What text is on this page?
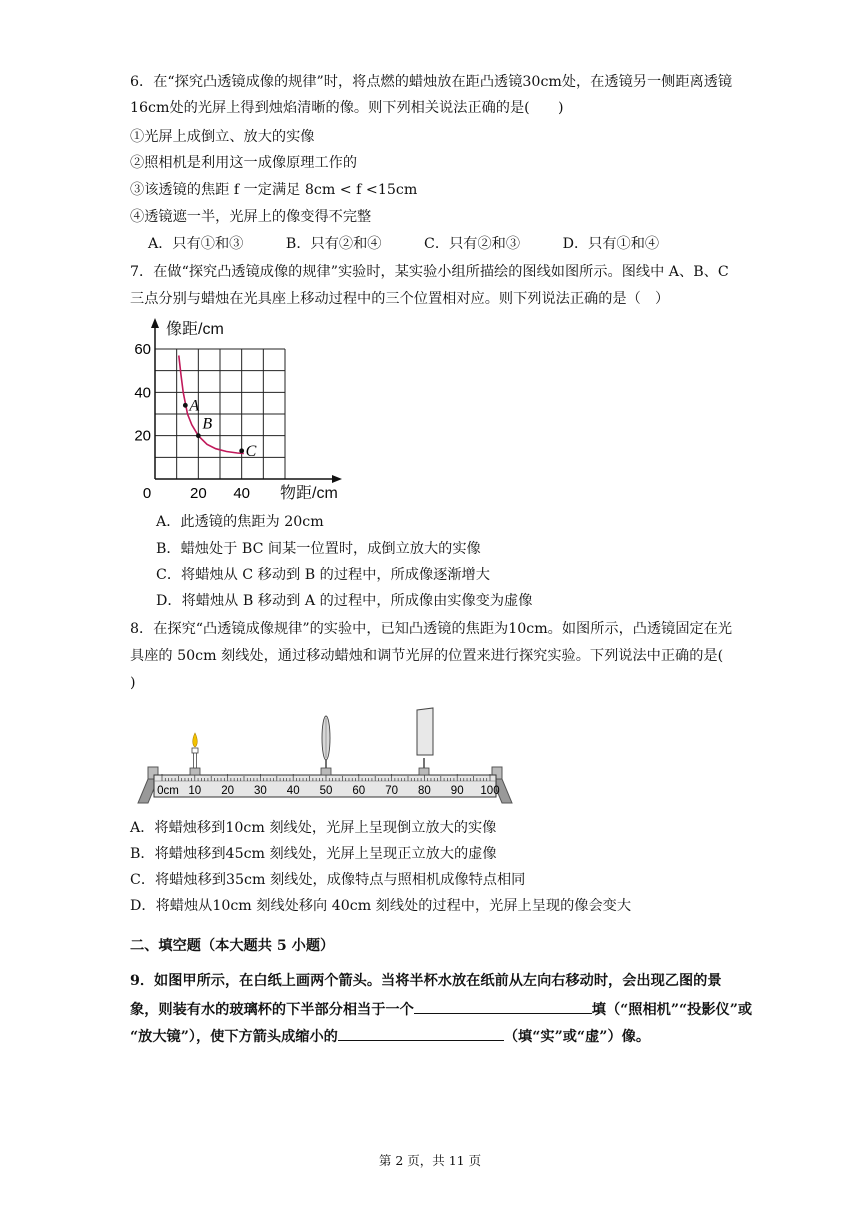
6．在“探究凸透镜成像的规律”时，将点燃的蜡烛放在距凸透镜30cm处，在透镜另一侧距离透镜
16cm处的光屏上得到烛焰清晰的像。则下列相关说法正确的是(　　)
①光屏上成倒立、放大的实像
②照相机是利用这一成像原理工作的
③该透镜的焦距 f 一定满足 8cm < f <15cm
④透镜遮一半，光屏上的像变得不完整
A．只有①和③　　　B．只有②和④　　　C．只有②和③　　　D．只有①和④
7．在做“探究凸透镜成像的规律”实验时，某实验小组所描绘的图线如图所示。图线中 A、B、C
三点分别与蜡烛在光具座上移动过程中的三个位置相对应。则下列说法正确的是（　）
0	20 40
20
40
60
A
B
C
像距/cm
物距/cm
A．此透镜的焦距为 20cm
B．蜡烛处于 BC 间某一位置时，成倒立放大的实像
C．将蜡烛从 C 移动到 B 的过程中，所成像逐渐增大
D．将蜡烛从 B 移动到 A 的过程中，所成像由实像变为虚像
8．在探究“凸透镜成像规律”的实验中，已知凸透镜的焦距为10cm。如图所示，凸透镜固定在光
具座的 50cm 刻线处，通过移动蜡烛和调节光屏的位置来进行探究实验。下列说法中正确的是(
)
0cm 10 20 30 40 50 60 70 80 90 100
A．将蜡烛移到10cm 刻线处，光屏上呈现倒立放大的实像
B．将蜡烛移到45cm 刻线处，光屏上呈现正立放大的虚像
C．将蜡烛移到35cm 刻线处，成像特点与照相机成像特点相同
D．将蜡烛从10cm 刻线处移向 40cm 刻线处的过程中，光屏上呈现的像会变大
二、填空题（本大题共 5 小题）
9．如图甲所示，在白纸上画两个箭头。当将半杯水放在纸前从左向右移动时，会出现乙图的景
象，则装有水的玻璃杯的下半部分相当于一个	填（“照相机”“投影仪”或
“放大镜”），使下方箭头成缩小的	（填“实”或“虚”）像。
第 2 页，共 11 页
